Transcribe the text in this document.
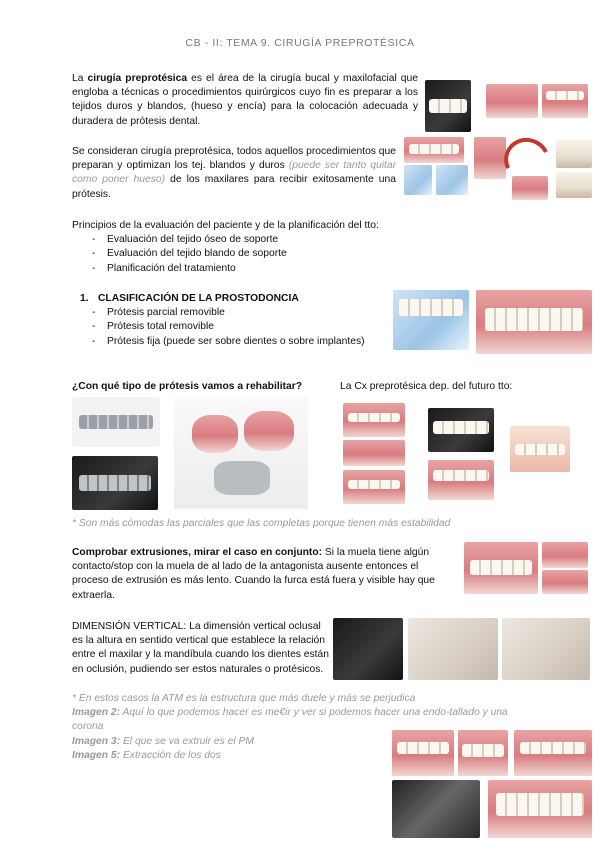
CB - II: TEMA 9. CIRUGÍA PREPROTÉSICA

La cirugía preprotésica es el área de la cirugía bucal y maxilofacial que engloba a técnicas o procedimientos quirúrgicos cuyo fin es preparar a los tejidos duros y blandos, (hueso y encía) para la colocación adecuada y duradera de prótesis dental.

Se consideran cirugía preprotésica, todos aquellos procedimientos que preparan y optimizan los tej. blandos y duros (puede ser tanto quitar como poner hueso) de los maxilares para recibir exitosamente una prótesis.

Principios de la evaluación del paciente y de la planificación del tto:

- Evaluación del tejido óseo de soporte
- Evaluación del tejido blando de soporte
- Planificación del tratamiento

1. CLASIFICACIÓN DE LA PROSTODONCIA

- Prótesis parcial removible
- Prótesis total removible
- Prótesis fija (puede ser sobre dientes o sobre implantes)

¿Con qué tipo de prótesis vamos a rehabilitar?	La Cx preprotésica dep. del futuro tto:

* Son más cómodas las parciales que las completas porque tienen más estabilidad

Comprobar extrusiones, mirar el caso en conjunto: Si la muela tiene algún contacto/stop con la muela de al lado de la antagonista ausente entonces el proceso de extrusión es más lento. Cuando la furca está fuera y visible hay que extraerla.

DIMENSIÓN VERTICAL: La dimensión vertical oclusal es la altura en sentido vertical que establece la relación entre el maxilar y la mandíbula cuando los dientes están en oclusión, pudiendo ser estos naturales o protésicos.

* En estos casos la ATM es la estructura que más duele y más se perjudica

Imagen 2: Aquí lo que podemos hacer es me€ir y ver si podemos hacer una endo-tallado y una corona

Imagen 3: El que se va extruir es el PM

Imagen 5: Extracción de los dos
